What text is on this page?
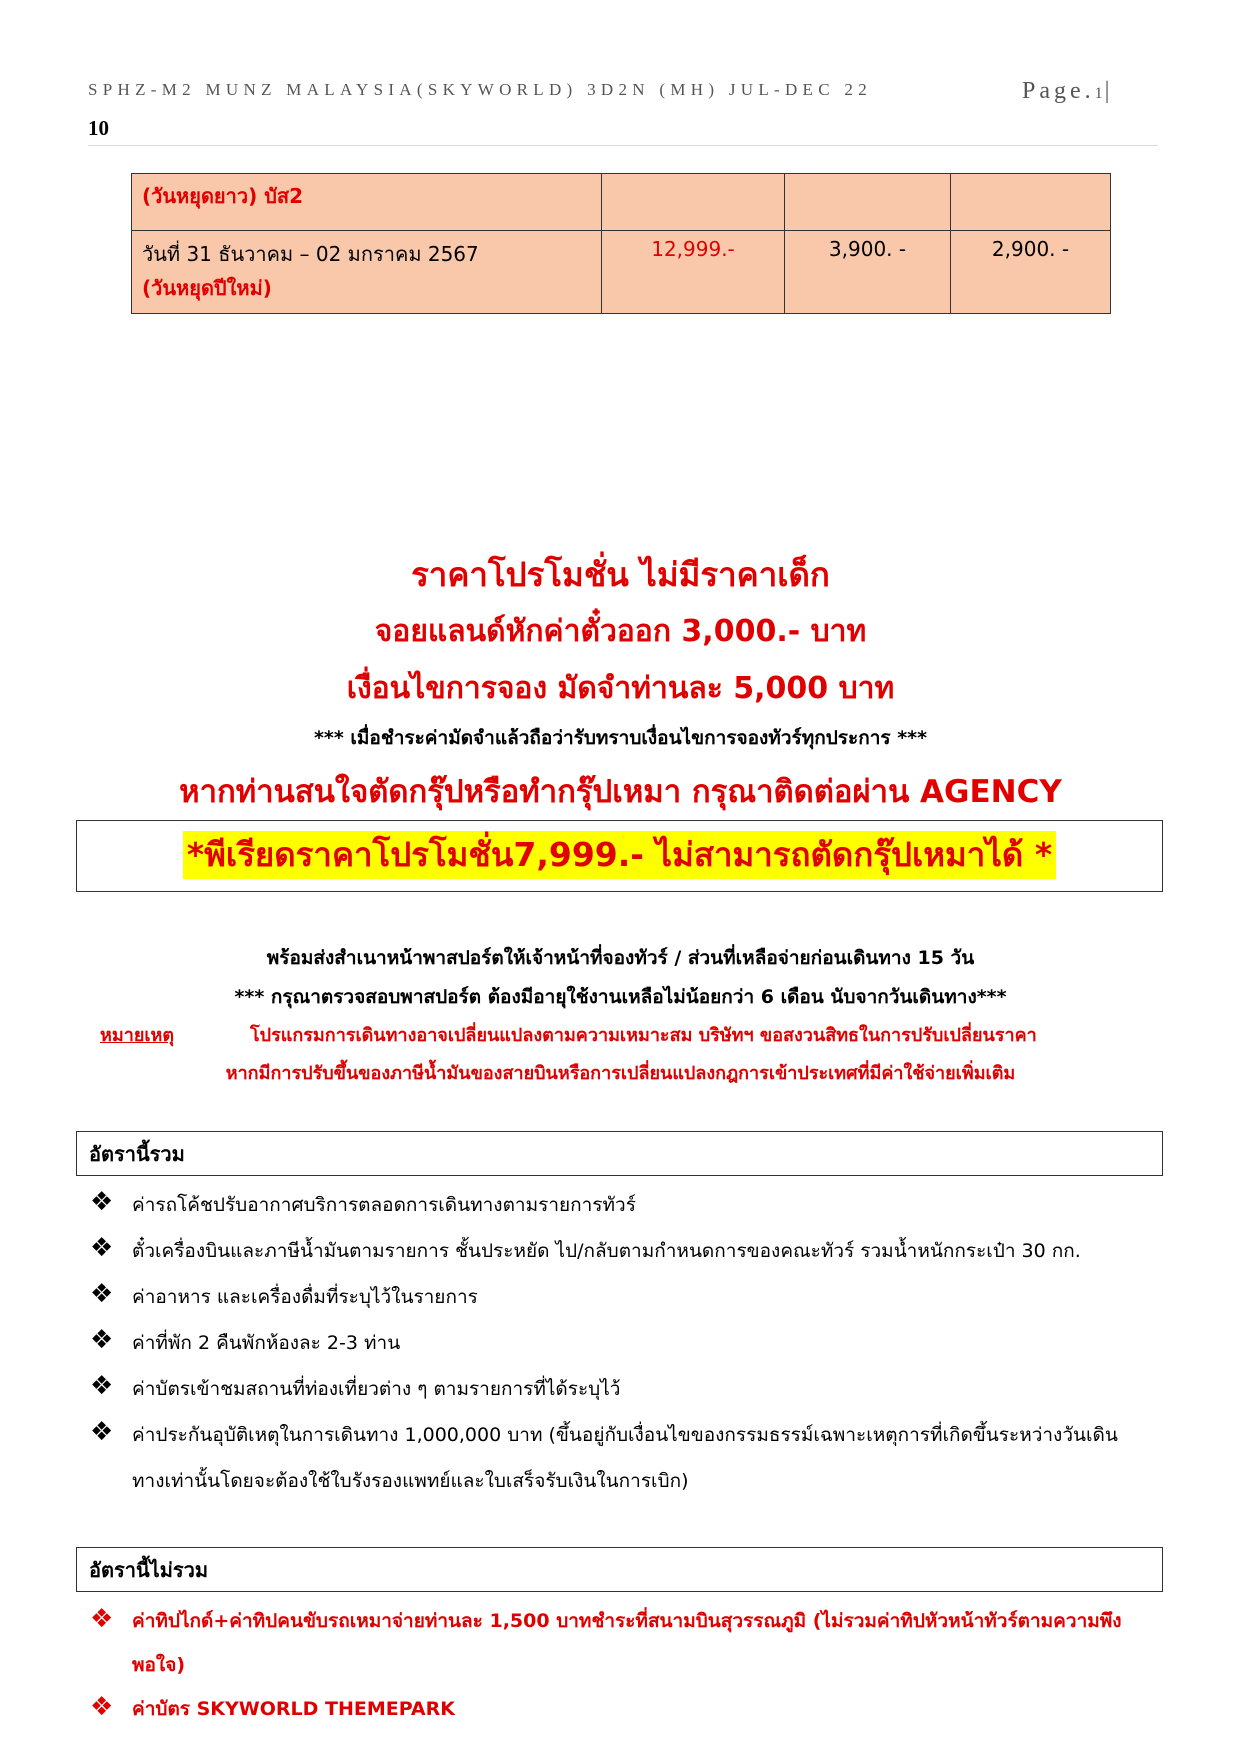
SPHZ-M2 MUNZ MALAYSIA(SKYWORLD) 3D2N (MH) JUL-DEC 22	Page.1|
10
(วันหยุดยาว) บัส2			

วันที่ 31 ธันวาคม – 02 มกราคม 2567
(วันหยุดปีใหม่)	12,999.-	3,900. -	2,900. -
ราคาโปรโมชั่น ไม่มีราคาเด็ก
จอยแลนด์หักค่าตั๋วออก 3,000.- บาท
เงื่อนไขการจอง มัดจำท่านละ 5,000 บาท
*** เมื่อชำระค่ามัดจำแล้วถือว่ารับทราบเงื่อนไขการจองทัวร์ทุกประการ ***
หากท่านสนใจตัดกรุ๊ปหรือทำกรุ๊ปเหมา กรุณาติดต่อผ่าน AGENCY
*พีเรียดราคาโปรโมชั่น7,999.- ไม่สามารถตัดกรุ๊ปเหมาได้ *
พร้อมส่งสำเนาหน้าพาสปอร์ตให้เจ้าหน้าที่จองทัวร์ / ส่วนที่เหลือจ่ายก่อนเดินทาง 15 วัน
*** กรุณาตรวจสอบพาสปอร์ต ต้องมีอายุใช้งานเหลือไม่น้อยกว่า 6 เดือน นับจากวันเดินทาง***
หมายเหตุ	โปรแกรมการเดินทางอาจเปลี่ยนแปลงตามความเหมาะสม บริษัทฯ ขอสงวนสิทธในการปรับเปลี่ยนราคา
หากมีการปรับขึ้นของภาษีน้ำมันของสายบินหรือการเปลี่ยนแปลงกฎการเข้าประเทศที่มีค่าใช้จ่ายเพิ่มเติม
อัตรานี้รวม
❖ ค่ารถโค้ชปรับอากาศบริการตลอดการเดินทางตามรายการทัวร์
❖ ตั๋วเครื่องบินและภาษีน้ำมันตามรายการ ชั้นประหยัด ไป/กลับตามกำหนดการของคณะทัวร์ รวมน้ำหนักกระเป๋า 30 กก.
❖ ค่าอาหาร และเครื่องดื่มที่ระบุไว้ในรายการ
❖ ค่าที่พัก 2 คืนพักห้องละ 2-3 ท่าน
❖ ค่าบัตรเข้าชมสถานที่ท่องเที่ยวต่าง ๆ ตามรายการที่ได้ระบุไว้
❖ ค่าประกันอุบัติเหตุในการเดินทาง 1,000,000 บาท (ขึ้นอยู่กับเงื่อนไขของกรรมธรรม์เฉพาะเหตุการที่เกิดขึ้นระหว่างวันเดินทางเท่านั้นโดยจะต้องใช้ใบรังรองแพทย์และใบเสร็จรับเงินในการเบิก)
อัตรานี้ไม่รวม
❖ ค่าทิปไกด์+ค่าทิปคนขับรถเหมาจ่ายท่านละ 1,500 บาทชำระที่สนามบินสุวรรณภูมิ (ไม่รวมค่าทิปหัวหน้าทัวร์ตามความพึงพอใจ)
❖ ค่าบัตร SKYWORLD THEMEPARK
